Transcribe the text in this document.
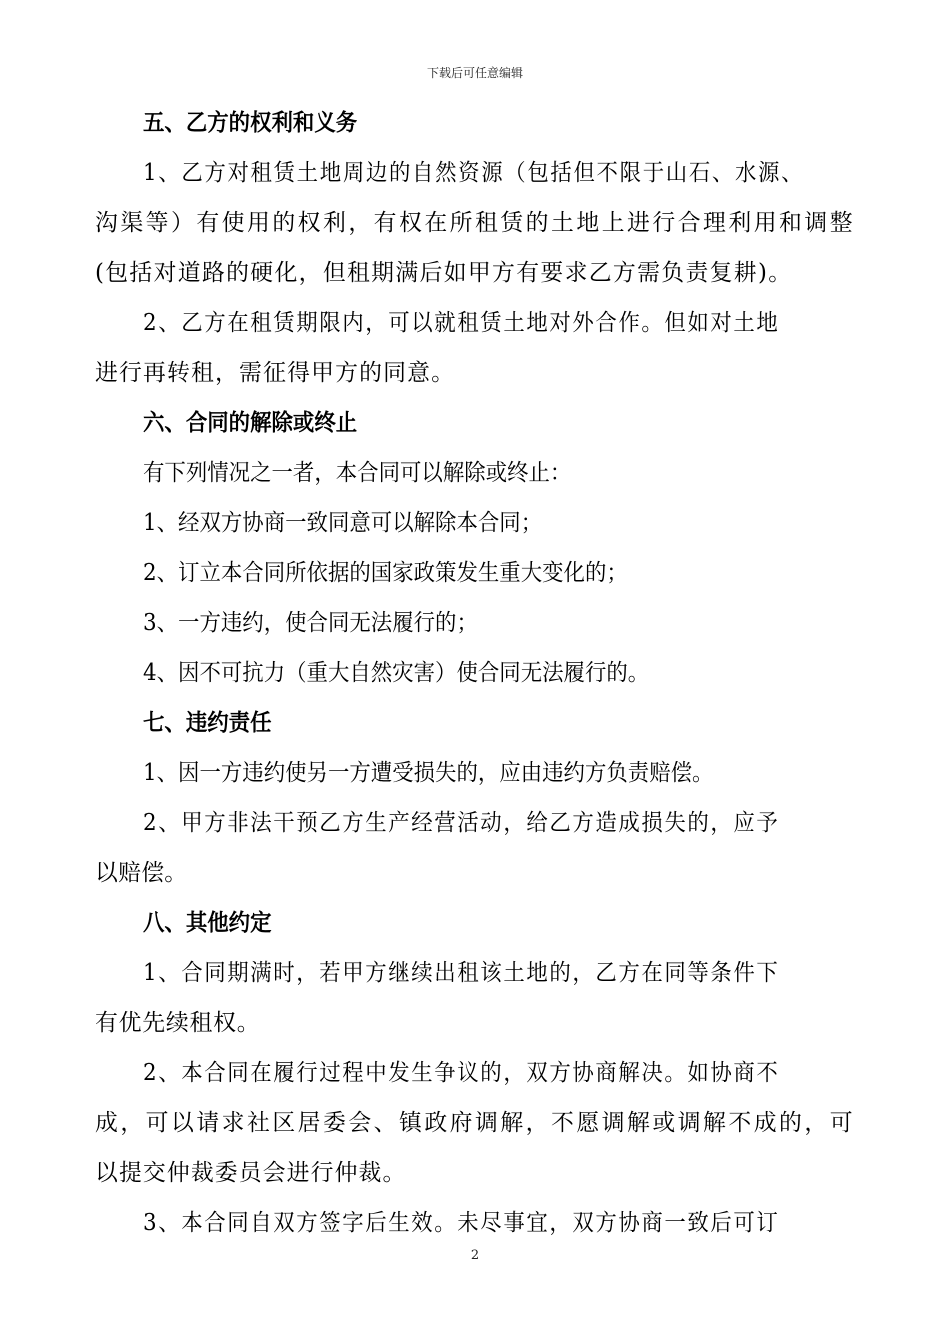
下载后可任意编辑
五、乙方的权利和义务
1、乙方对租赁土地周边的自然资源（包括但不限于山石、水源、
沟渠等）有使用的权利，有权在所租赁的土地上进行合理利用和调整
(包括对道路的硬化，但租期满后如甲方有要求乙方需负责复耕)。
2、乙方在租赁期限内，可以就租赁土地对外合作。但如对土地
进行再转租，需征得甲方的同意。
六、合同的解除或终止
有下列情况之一者，本合同可以解除或终止：
1、经双方协商一致同意可以解除本合同；
2、订立本合同所依据的国家政策发生重大变化的；
3、一方违约，使合同无法履行的；
4、因不可抗力（重大自然灾害）使合同无法履行的。
七、违约责任
1、因一方违约使另一方遭受损失的，应由违约方负责赔偿。
2、甲方非法干预乙方生产经营活动，给乙方造成损失的，应予
以赔偿。
八、其他约定
1、合同期满时，若甲方继续出租该土地的，乙方在同等条件下
有优先续租权。
2、本合同在履行过程中发生争议的，双方协商解决。如协商不
成，可以请求社区居委会、镇政府调解，不愿调解或调解不成的，可
以提交仲裁委员会进行仲裁。
3、本合同自双方签字后生效。未尽事宜，双方协商一致后可订
2
